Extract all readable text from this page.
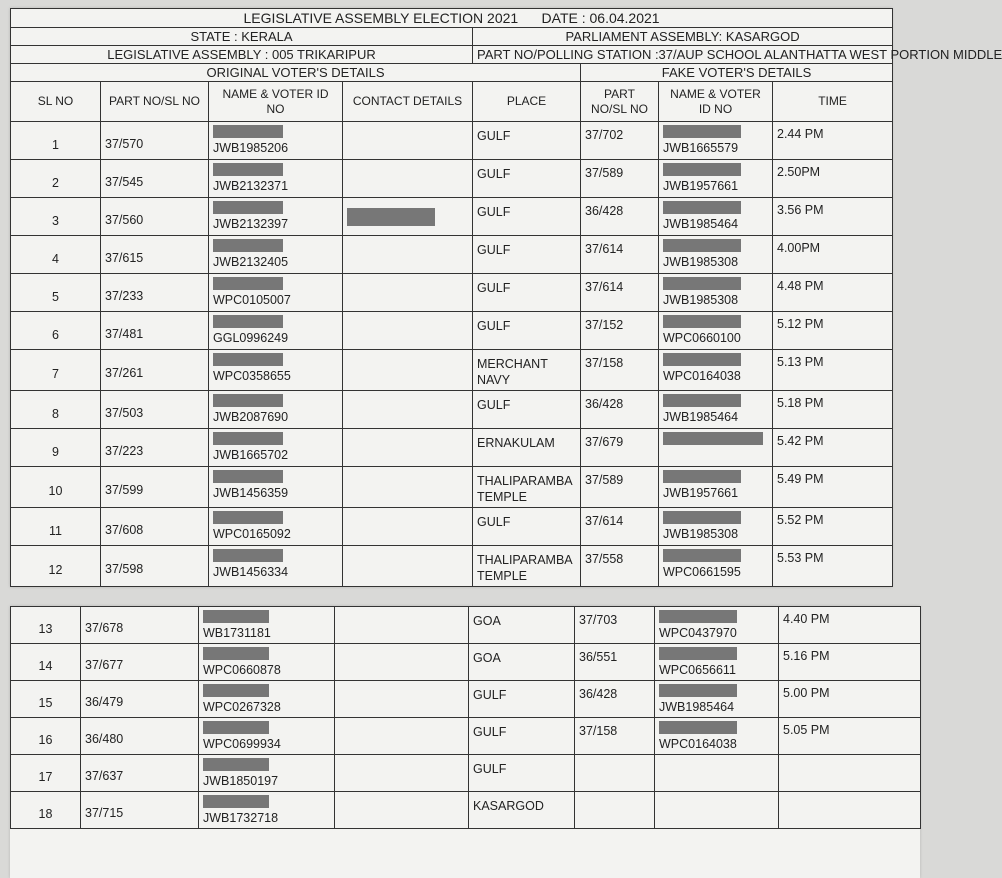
LEGISLATIVE ASSEMBLY ELECTION 2021 DATE : 06.04.2021							
STATE : KERALA				PARLIAMENT ASSEMBLY: KASARGOD			
LEGISLATIVE ASSEMBLY : 005 TRIKARIPUR				PART NO/POLLING STATION :37/AUP SCHOOL ALANTHATTA WEST PORTION MIDDLE			
ORIGINAL VOTER'S DETAILS					FAKE VOTER'S DETAILS		
SL NO	PART NO/SL NO	NAME & VOTER ID NO	CONTACT DETAILS	PLACE	PART NO/SL NO	NAME & VOTER ID NO	TIME
1	37/570	JWB1985206		GULF	37/702	JWB1665579	2.44 PM
2	37/545	JWB2132371		GULF	37/589	JWB1957661	2.50PM
3	37/560	JWB2132397		GULF	36/428	JWB1985464	3.56 PM
4	37/615	JWB2132405		GULF	37/614	JWB1985308	4.00PM
5	37/233	WPC0105007		GULF	37/614	JWB1985308	4.48 PM
6	37/481	GGL0996249		GULF	37/152	WPC0660100	5.12 PM
7	37/261	WPC0358655		MERCHANT NAVY	37/158	WPC0164038	5.13 PM
8	37/503	JWB2087690		GULF	36/428	JWB1985464	5.18 PM
9	37/223	JWB1665702		ERNAKULAM	37/679		5.42 PM
10	37/599	JWB1456359		THALIPARAMBA TEMPLE	37/589	JWB1957661	5.49 PM
11	37/608	WPC0165092		GULF	37/614	JWB1985308	5.52 PM
12	37/598	JWB1456334		THALIPARAMBA TEMPLE	37/558	WPC0661595	5.53 PM
13	37/678	WB1731181		GOA	37/703	WPC0437970	4.40 PM
14	37/677	WPC0660878		GOA	36/551	WPC0656611	5.16 PM
15	36/479	WPC0267328		GULF	36/428	JWB1985464	5.00 PM
16	36/480	WPC0699934		GULF	37/158	WPC0164038	5.05 PM
17	37/637	JWB1850197		GULF		

18	37/715	JWB1732718		KASARGOD		
